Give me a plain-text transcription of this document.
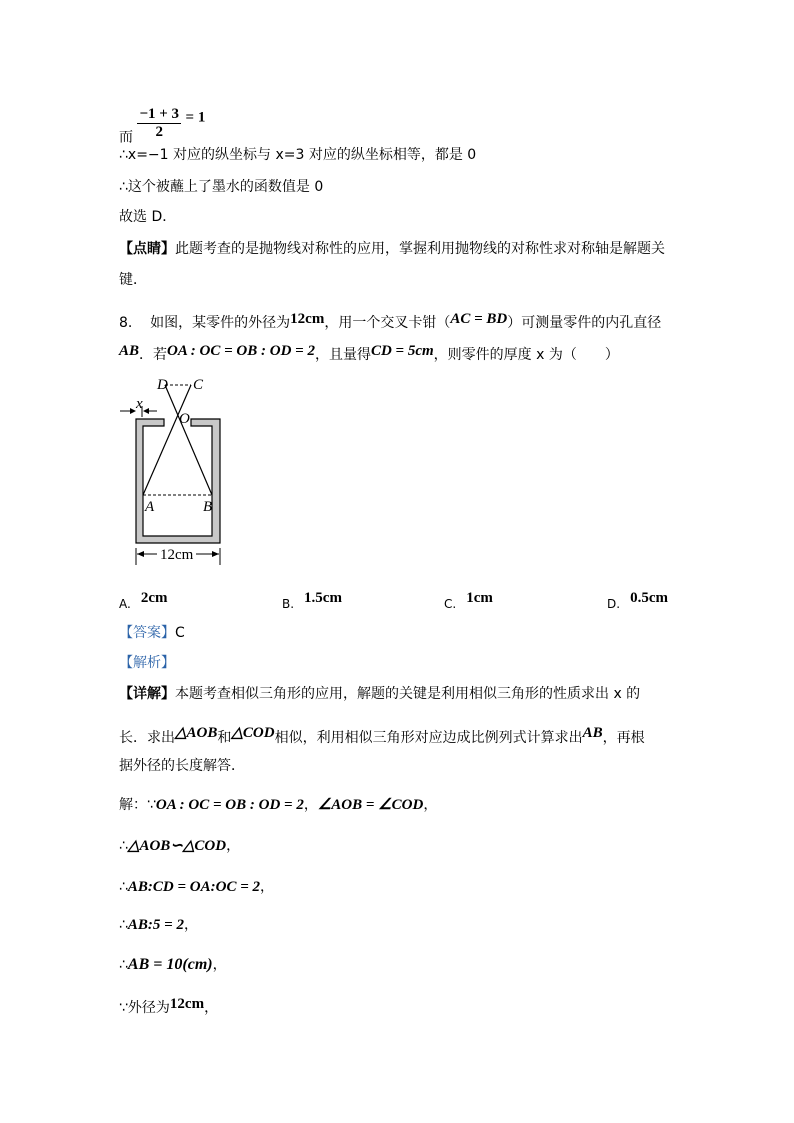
而 $\frac{-1 + 3}{2} = 1$
∴x=−1 对应的纵坐标与 x=3 对应的纵坐标相等，都是 0
∴这个被蘸上了墨水的函数值是 0
故选 D．
【点睛】此题考查的是抛物线对称性的应用，掌握利用抛物线的对称性求对称轴是解题关
键．
8. 如图，某零件的外径为12cm，用一个交叉卡钳（AC = BD）可测量零件的内孔直径
AB．若OA : OC = OB : OD = 2，且量得CD = 5cm，则零件的厚度 x 为（　　）
D C
O
A	B
x
12cm
A. 2cm	B. 1.5cm	C. 1cm	D. 0.5cm
【答案】C
【解析】
【详解】本题考查相似三角形的应用，解题的关键是利用相似三角形的性质求出 x 的
长．求出△AOB和△COD相似，利用相似三角形对应边成比例列式计算求出AB，再根
据外径的长度解答．
解：∵OA : OC = OB : OD = 2，∠AOB = ∠COD，
∴△AOB∽△COD，
∴AB:CD = OA:OC = 2，
∴AB:5 = 2，
∴AB = 10(cm)，
∵外径为12cm，
